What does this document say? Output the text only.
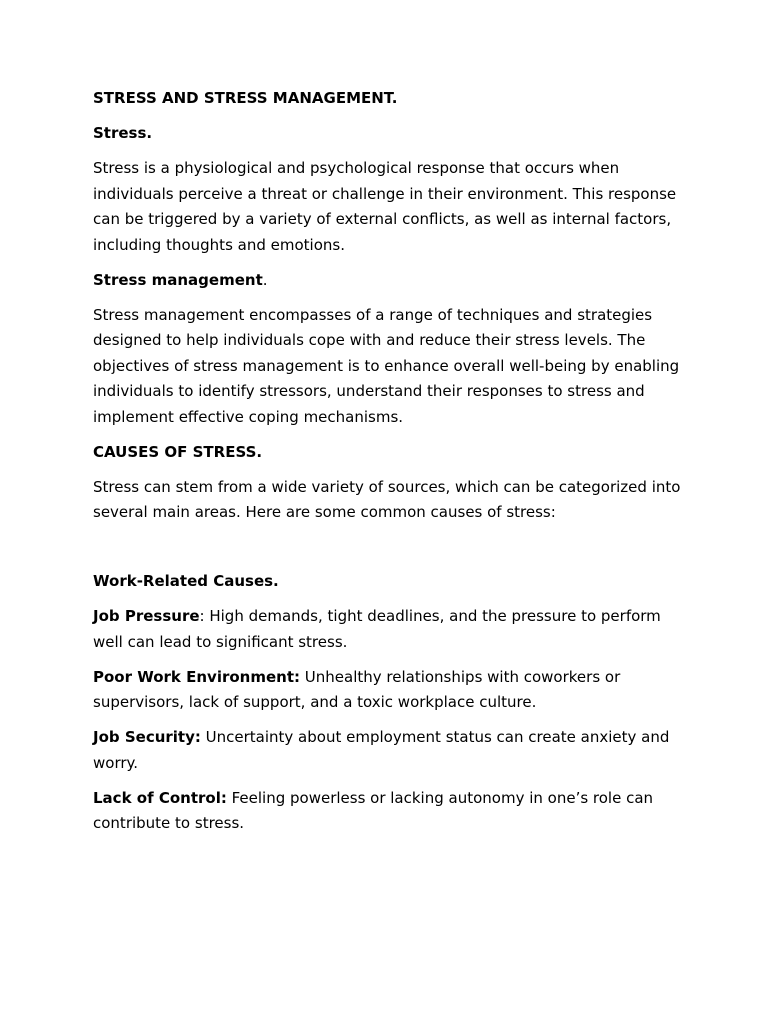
STRESS AND STRESS MANAGEMENT.

Stress.

Stress is a physiological and psychological response that occurs when individuals perceive a threat or challenge in their environment. This response can be triggered by a variety of external conflicts, as well as internal factors, including thoughts and emotions.

Stress management.

Stress management encompasses of a range of techniques and strategies designed to help individuals cope with and reduce their stress levels. The objectives of stress management is to enhance overall well-being by enabling individuals to identify stressors, understand their responses to stress and implement effective coping mechanisms.

CAUSES OF STRESS.

Stress can stem from a wide variety of sources, which can be categorized into several main areas. Here are some common causes of stress:

Work-Related Causes.

Job Pressure: High demands, tight deadlines, and the pressure to perform well can lead to significant stress.

Poor Work Environment: Unhealthy relationships with coworkers or supervisors, lack of support, and a toxic workplace culture.

Job Security: Uncertainty about employment status can create anxiety and worry.

Lack of Control: Feeling powerless or lacking autonomy in one’s role can contribute to stress.
